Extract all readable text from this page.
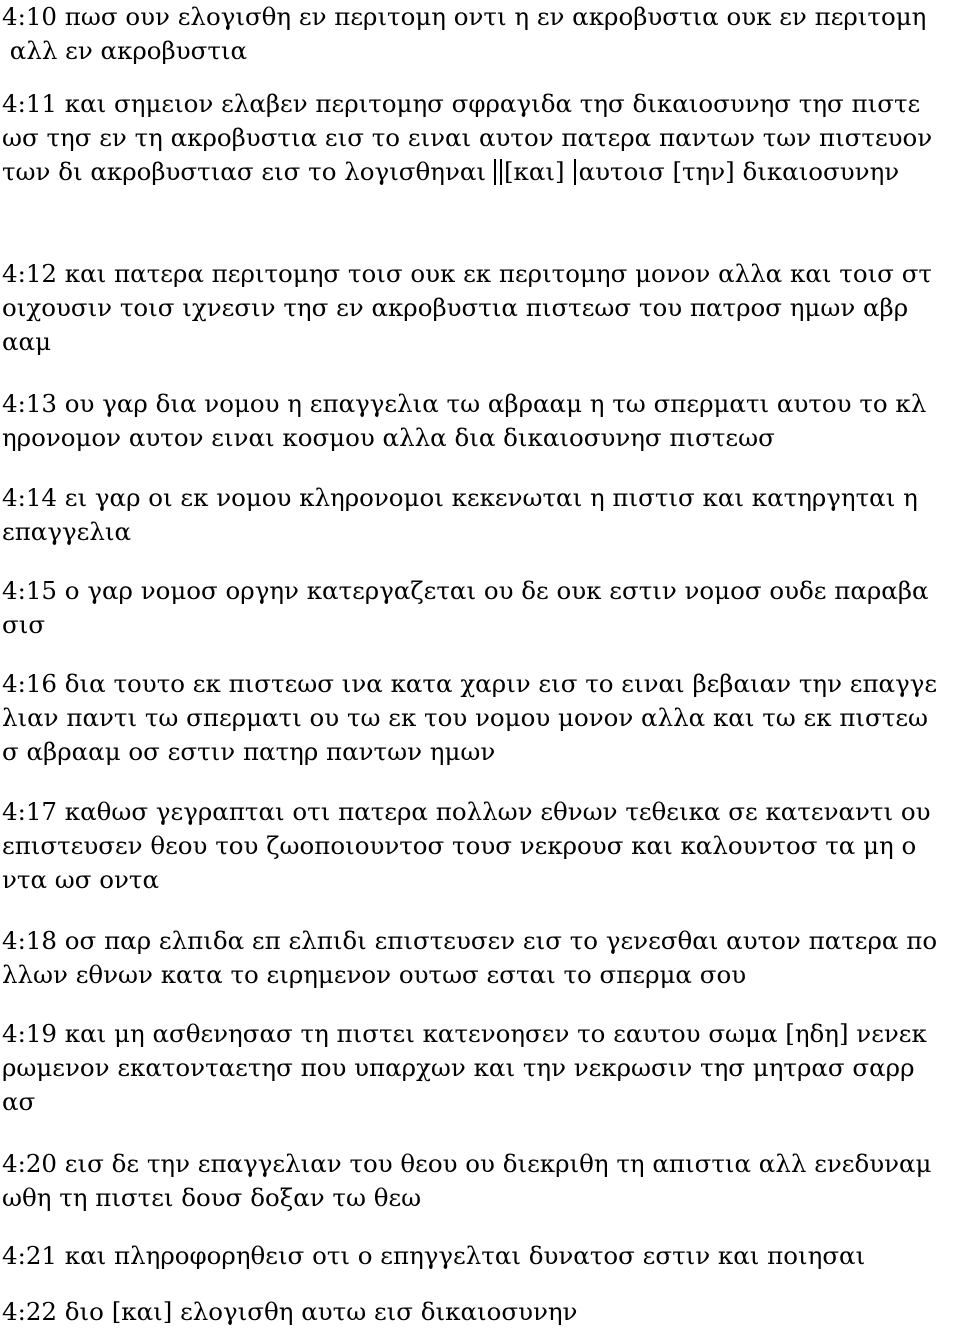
4:10 πωσ ουν ελογισθη εν περιτομη οντι η εν ακροβυστια ουκ εν περιτομη
αλλ εν ακροβυστια
4:11 και σημειον ελαβεν περιτομησ σφραγιδα τησ δικαιοσυνησ τησ πιστε
ωσ τησ εν τη ακροβυστια εισ το ειναι αυτον πατερα παντων των πιστευον
των δι ακροβυστιασ εισ το λογισθηναι [και] αυτοισ [την] δικαιοσυνην
4:12 και πατερα περιτομησ τοισ ουκ εκ περιτομησ μονον αλλα και τοισ στ
οιχουσιν τοισ ιχνεσιν τησ εν ακροβυστια πιστεωσ του πατροσ ημων αβρ
ααμ
4:13 ου γαρ δια νομου η επαγγελια τω αβρααμ η τω σπερματι αυτου το κλ
ηρονομον αυτον ειναι κοσμου αλλα δια δικαιοσυνησ πιστεωσ
4:14 ει γαρ οι εκ νομου κληρονομοι κεκενωται η πιστισ και κατηργηται η
επαγγελια
4:15 ο γαρ νομοσ οργην κατεργαζεται ου δε ουκ εστιν νομοσ ουδε παραβα
σισ
4:16 δια τουτο εκ πιστεωσ ινα κατα χαριν εισ το ειναι βεβαιαν την επαγγε
λιαν παντι τω σπερματι ου τω εκ του νομου μονον αλλα και τω εκ πιστεω
σ αβρααμ οσ εστιν πατηρ παντων ημων
4:17 καθωσ γεγραπται οτι πατερα πολλων εθνων τεθεικα σε κατεναντι ου
επιστευσεν θεου του ζωοποιουντοσ τουσ νεκρουσ και καλουντοσ τα μη ο
ντα ωσ οντα
4:18 οσ παρ ελπιδα επ ελπιδι επιστευσεν εισ το γενεσθαι αυτον πατερα πο
λλων εθνων κατα το ειρημενον ουτωσ εσται το σπερμα σου
4:19 και μη ασθενησασ τη πιστει κατενοησεν το εαυτου σωμα [ηδη] νενεκ
ρωμενον εκατονταετησ που υπαρχων και την νεκρωσιν τησ μητρασ σαρρ
ασ
4:20 εισ δε την επαγγελιαν του θεου ου διεκριθη τη απιστια αλλ ενεδυναμ
ωθη τη πιστει δουσ δοξαν τω θεω
4:21 και πληροφορηθεισ οτι ο επηγγελται δυνατοσ εστιν και ποιησαι
4:22 διο [και] ελογισθη αυτω εισ δικαιοσυνην
